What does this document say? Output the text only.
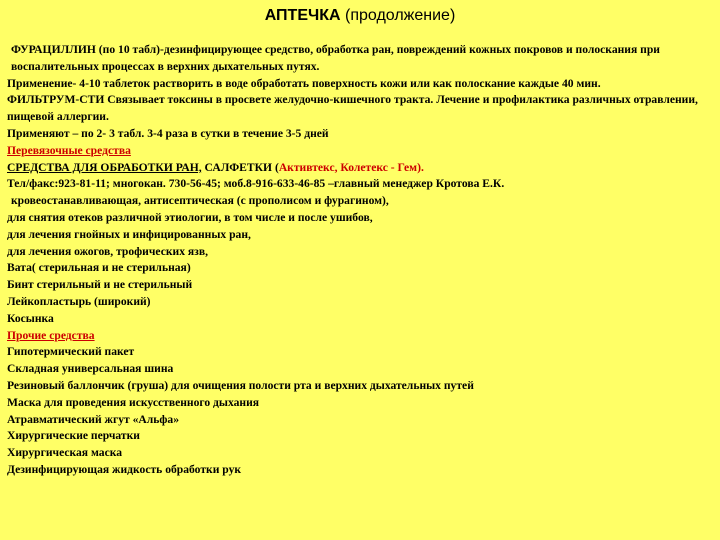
АПТЕЧКА (продолжение)

ФУРАЦИЛЛИН (по 10 табл)-дезинфицирующее средство, обработка ран, повреждений кожных покровов и полоскания при воспалительных процессах в верхних дыхательных путях.

Применение- 4-10 таблеток растворить в воде обработать поверхность кожи или как полоскание каждые 40 мин.

ФИЛЬТРУМ-СТИ Связывает токсины в просвете желудочно-кишечного тракта. Лечение и профилактика различных отравлении, пищевой аллергии.

Применяют – по 2- 3 табл. 3-4 раза в сутки в течение 3-5 дней

Перевязочные средства

СРЕДСТВА ДЛЯ ОБРАБОТКИ РАН, САЛФЕТКИ (Активтекс, Колетекс - Гем).

Тел/факс:923-81-11; многокан. 730-56-45; моб.8-916-633-46-85 –главный менеджер Кротова Е.К.

кровеостанавливающая, антисептическая (с прополисом и фурагином),

для снятия отеков различной этиологии, в том числе и после ушибов,

для лечения гнойных и инфицированных ран,

для лечения ожогов, трофических язв,

Вата( стерильная и не стерильная)

Бинт стерильный и не стерильный

Лейкопластырь (широкий)

Косынка

Прочие средства

Гипотермический пакет

Складная универсальная шина

Резиновый баллончик (груша) для очищения полости рта и верхних дыхательных путей

Маска для проведения искусственного дыхания

Атравматический жгут «Альфа»

Хирургические перчатки

Хирургическая маска

Дезинфицирующая жидкость обработки рук
